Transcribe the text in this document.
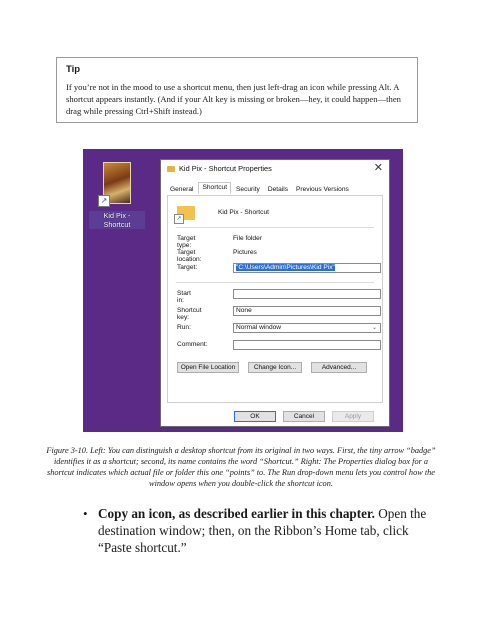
Tip
If you’re not in the mood to use a shortcut menu, then just left-drag an icon while pressing Alt. A shortcut appears instantly. (And if your Alt key is missing or broken—hey, it could happen—then drag while pressing Ctrl+Shift instead.)
↗
Kid Pix -
Shortcut
Kid Pix - Shortcut Properties	✕
General Shortcut Security Details Previous Versions
↗
Kid Pix - Shortcut
Target type:
File folder
Target location:
Pictures
Target:	"C:\Users\Admin\Pictures\Kid Pix"
Start in:
Shortcut key:
None
Run:	Normal window	⌄
Comment:
Open File Location	Change Icon...	Advanced...
OK	Cancel	Apply
Figure 3-10. Left: You can distinguish a desktop shortcut from its original in two ways. First, the tiny arrow “badge” identifies it as a shortcut; second, its name contains the word “Shortcut.” Right: The Properties dialog box for a shortcut indicates which actual file or folder this one “points” to. The Run drop-down menu lets you control how the window opens when you double-click the shortcut icon.
• Copy an icon, as described earlier in this chapter. Open the destination window; then, on the Ribbon’s Home tab, click “Paste shortcut.”
